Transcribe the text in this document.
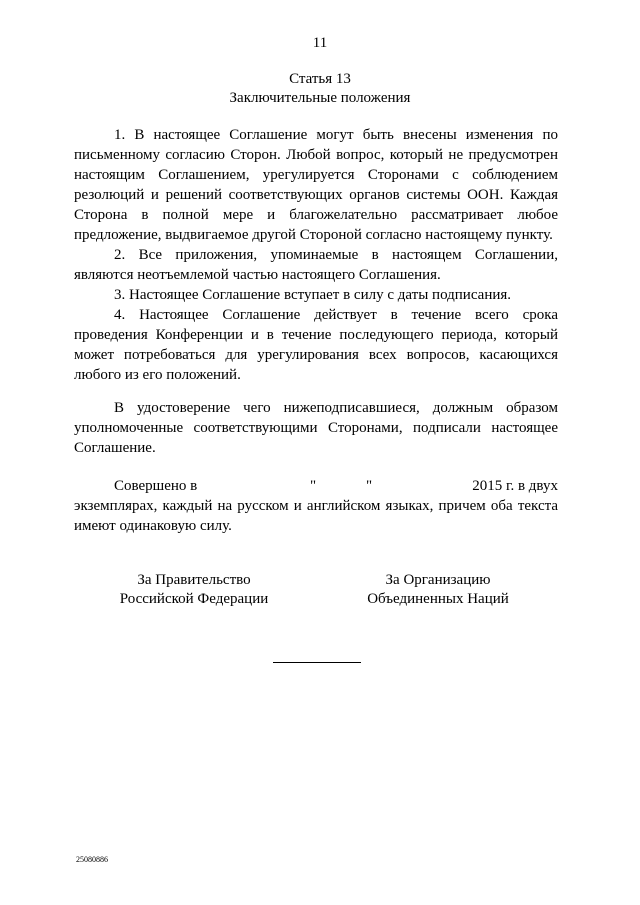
11
Статья 13
Заключительные положения

1. В настоящее Соглашение могут быть внесены изменения по письменному согласию Сторон. Любой вопрос, который не предусмотрен настоящим Соглашением, урегулируется Сторонами с соблюдением резолюций и решений соответствующих органов системы ООН. Каждая Сторона в полной мере и благожелательно рассматривает любое предложение, выдвигаемое другой Стороной согласно настоящему пункту.

2. Все приложения, упоминаемые в настоящем Соглашении, являются неотъемлемой частью настоящего Соглашения.

3. Настоящее Соглашение вступает в силу с даты подписания.

4. Настоящее Соглашение действует в течение всего срока проведения Конференции и в течение последующего периода, который может потребоваться для урегулирования всех вопросов, касающихся любого из его положений.

В удостоверение чего нижеподписавшиеся, должным образом уполномоченные соответствующими Сторонами, подписали настоящее Соглашение.

Совершено в	"	"	2015 г. в двух

экземплярах, каждый на русском и английском языках, причем оба текста имеют одинаковую силу.

За Правительство
Российской Федерации
За Организацию
Объединенных Наций
25080886
